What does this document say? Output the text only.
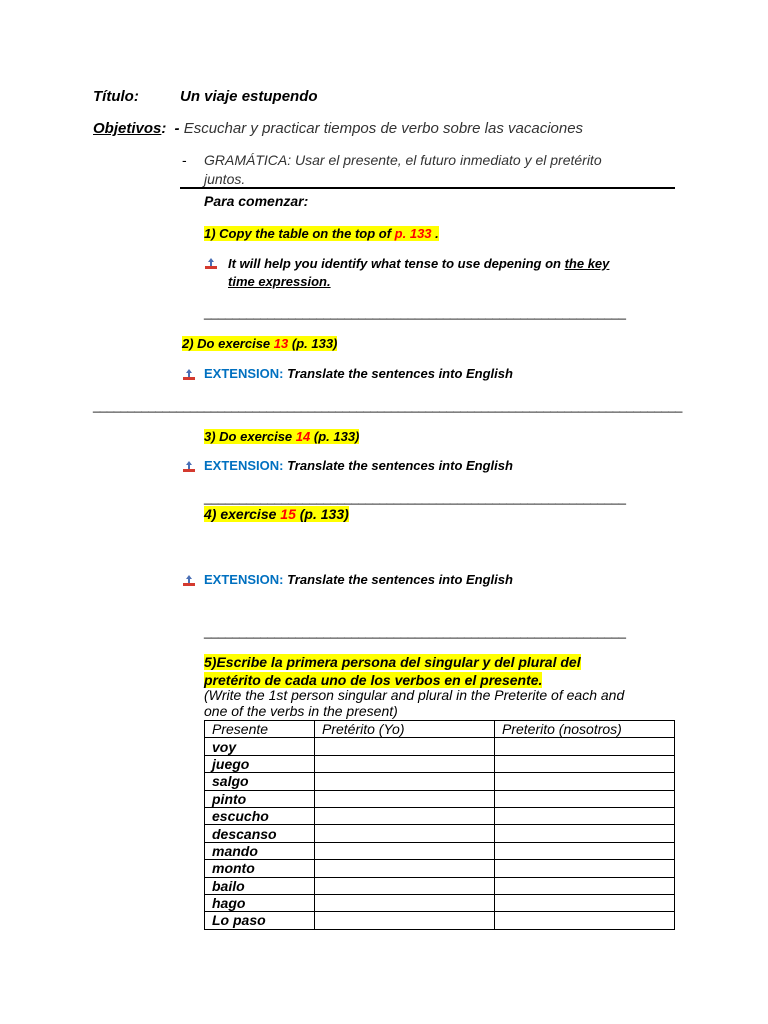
Título:	Un viaje estupendo
Objetivos: - Escuchar y practicar tiempos de verbo sobre las vacaciones
- GRAMÁTICA: Usar el presente, el futuro inmediato y el pretérito
juntos.
Para comenzar:
1) Copy the table on the top of p. 133 .
It will help you identify what tense to use depening on the key
time expression.
____________________________________________________________
2) Do exercise 13 (p. 133)
EXTENSION: Translate the sentences into English
_____________________________________________________________________________________
3) Do exercise 14 (p. 133)
EXTENSION: Translate the sentences into English
____________________________________________________________
4) exercise 15 (p. 133)
EXTENSION: Translate the sentences into English
____________________________________________________________
5)Escribe la primera persona del singular y del plural del
pretérito de cada uno de los verbos en el presente.
(Write the 1st person singular and plural in the Preterite of each and
one of the verbs in the present)
Presente	Pretérito (Yo)	Preterito (nosotros)
voy		
juego		
salgo		
pinto		
escucho		
descanso		
mando		
monto		
bailo		
hago		
Lo paso		
